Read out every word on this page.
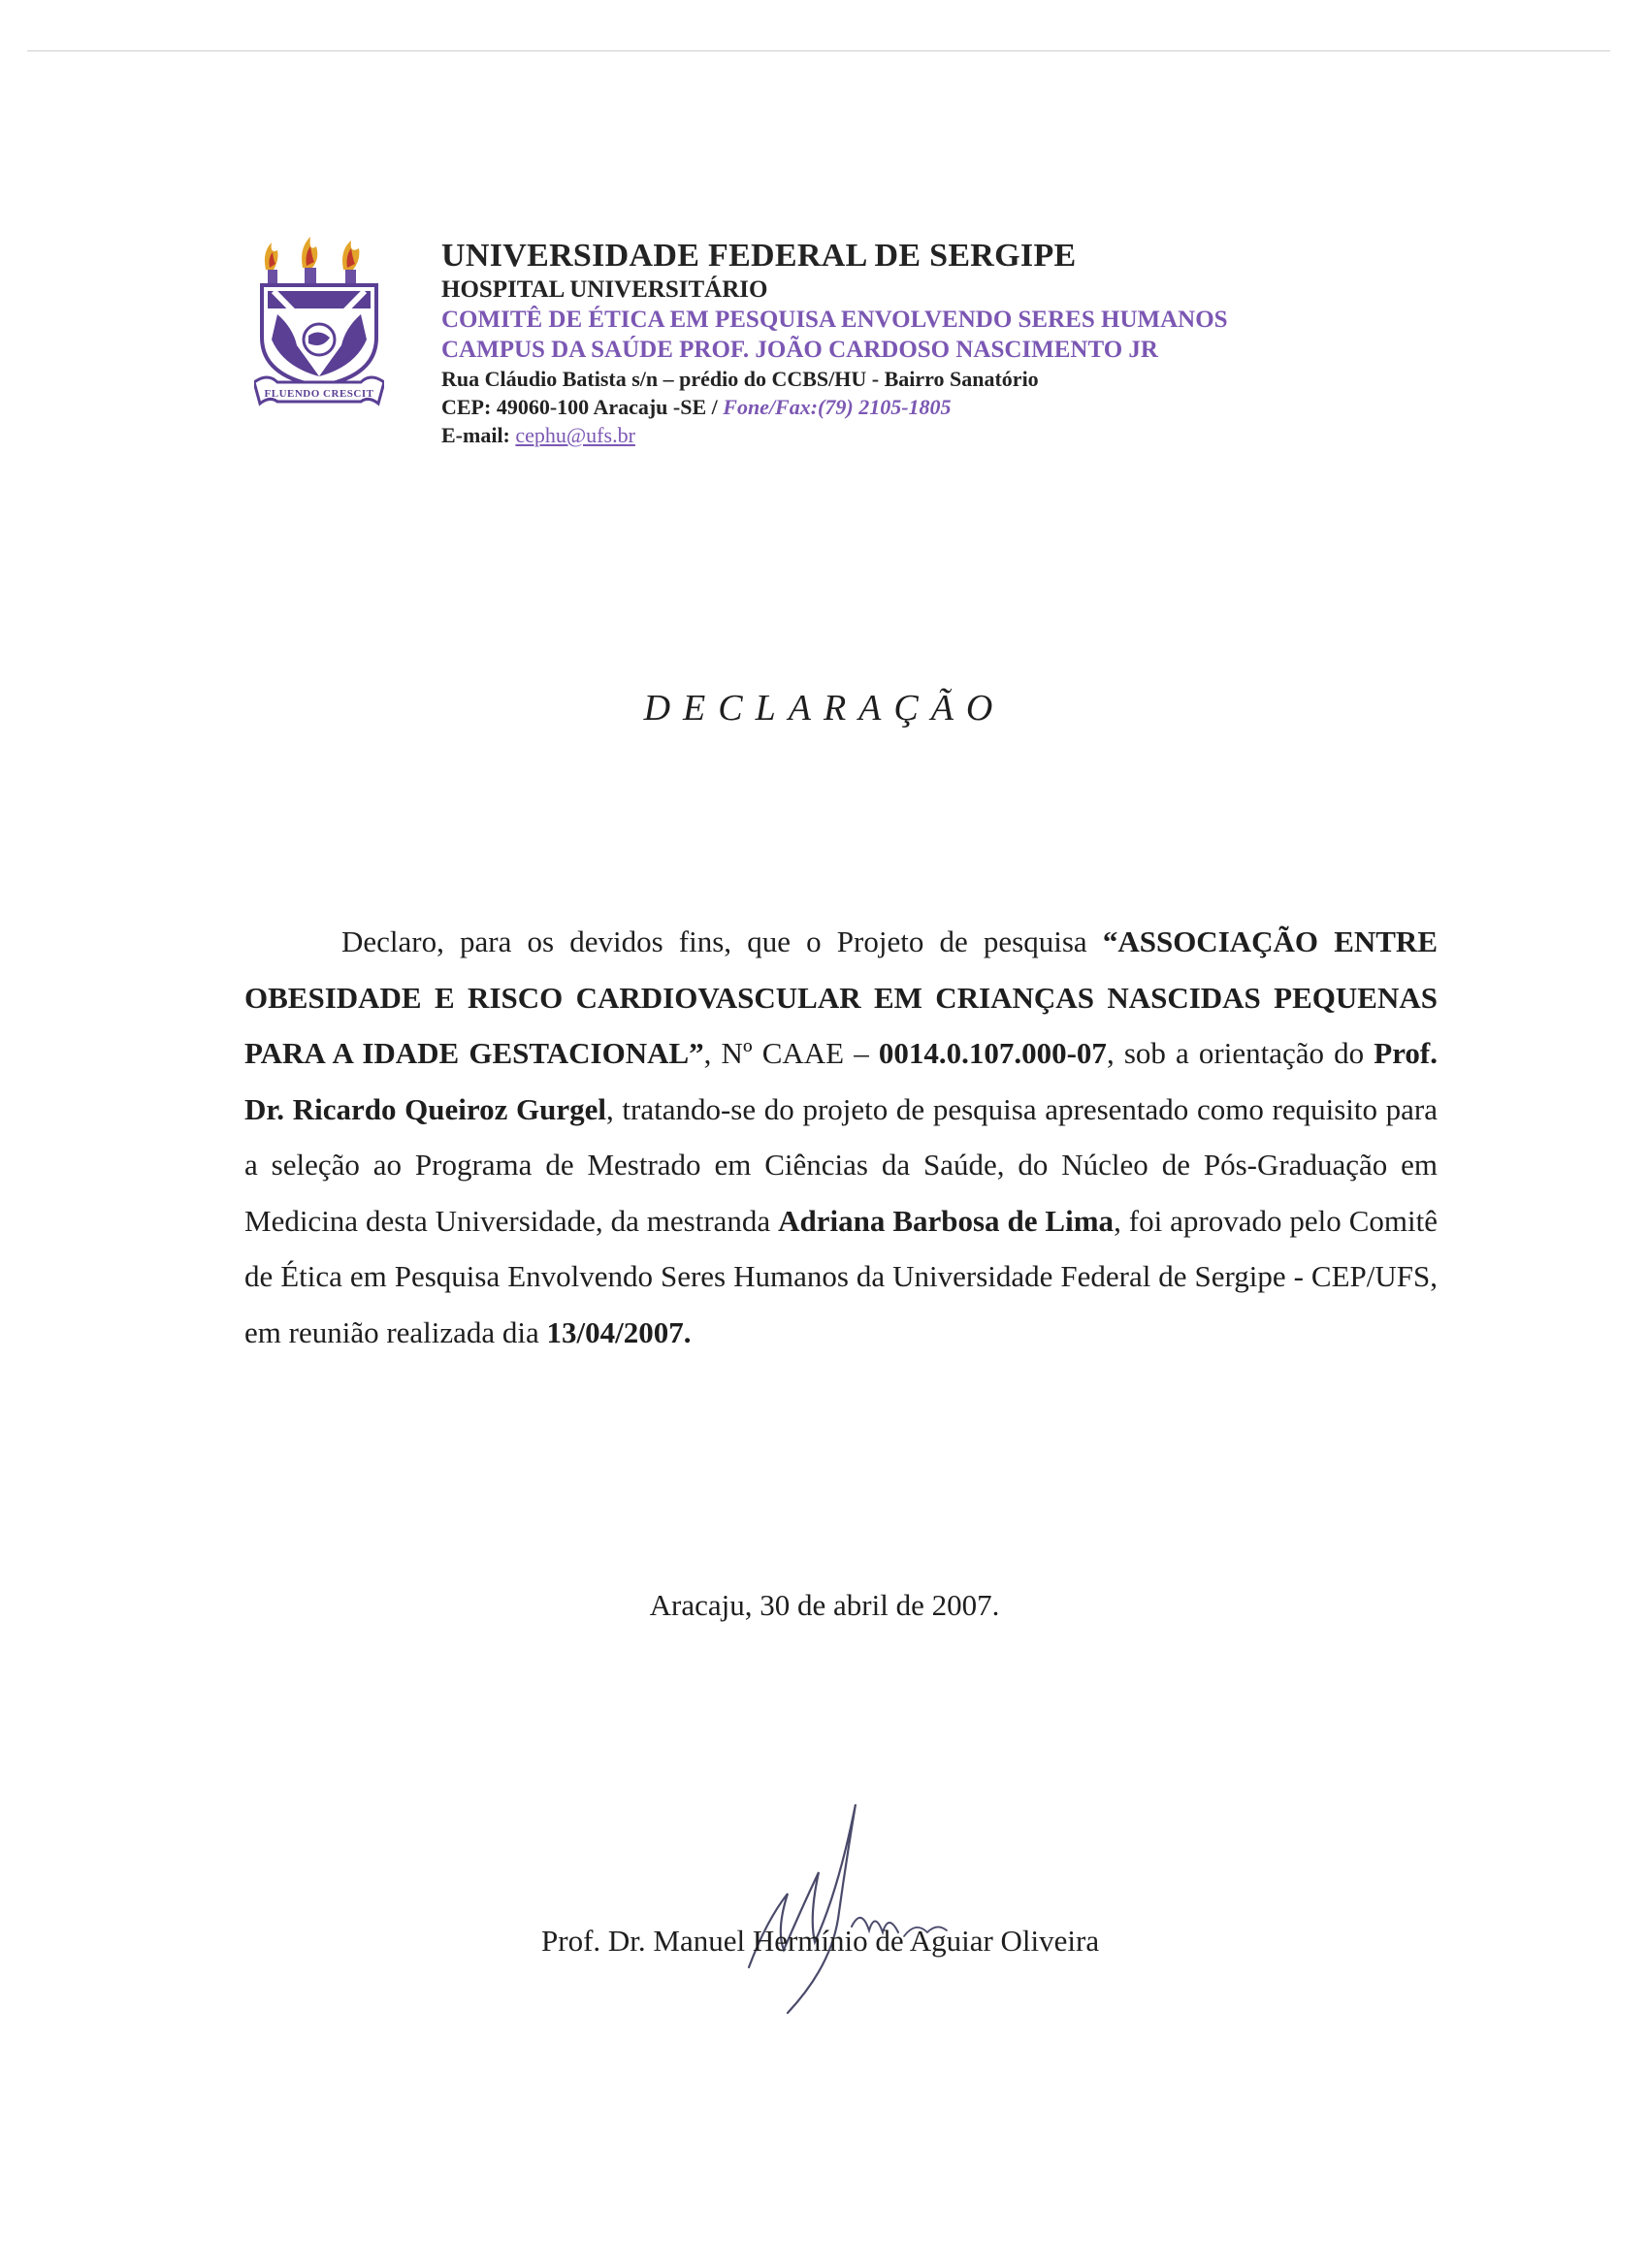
FLUENDO CRESCIT
UNIVERSIDADE FEDERAL DE SERGIPE
HOSPITAL UNIVERSITÁRIO
COMITÊ DE ÉTICA EM PESQUISA ENVOLVENDO SERES HUMANOS
CAMPUS DA SAÚDE PROF. JOÃO CARDOSO NASCIMENTO JR
Rua Cláudio Batista s/n – prédio do CCBS/HU - Bairro Sanatório
CEP: 49060-100 Aracaju -SE / Fone/Fax:(79) 2105-1805
E-mail: cephu@ufs.br
DECLARAÇÃO
Declaro, para os devidos fins, que o Projeto de pesquisa “ASSOCIAÇÃO ENTRE OBESIDADE E RISCO CARDIOVASCULAR EM CRIANÇAS NASCIDAS PEQUENAS PARA A IDADE GESTACIONAL”, Nº CAAE – 0014.0.107.000-07, sob a orientação do Prof. Dr. Ricardo Queiroz Gurgel, tratando-se do projeto de pesquisa apresentado como requisito para a seleção ao Programa de Mestrado em Ciências da Saúde, do Núcleo de Pós-Graduação em Medicina desta Universidade, da mestranda Adriana Barbosa de Lima, foi aprovado pelo Comitê de Ética em Pesquisa Envolvendo Seres Humanos da Universidade Federal de Sergipe - CEP/UFS, em reunião realizada dia 13/04/2007.
Aracaju, 30 de abril de 2007.
Prof. Dr. Manuel Hermínio de Aguiar Oliveira
